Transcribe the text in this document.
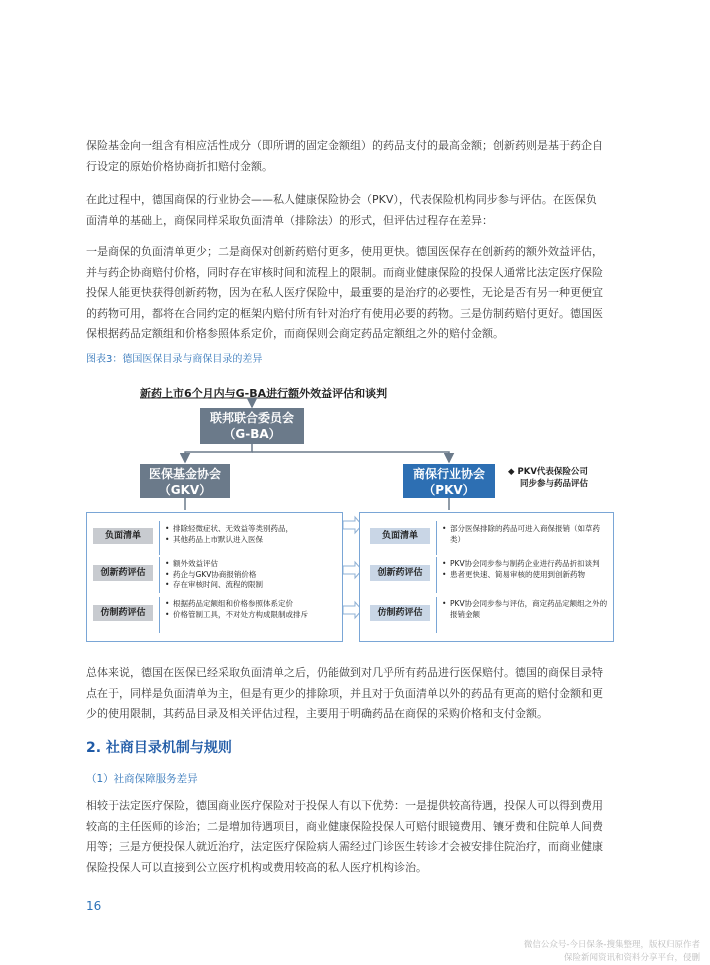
保险基金向一组含有相应活性成分（即所谓的固定金额组）的药品支付的最高金额；创新药则是基于药企自行设定的原始价格协商折扣赔付金额。

在此过程中，德国商保的行业协会——私人健康保险协会（PKV），代表保险机构同步参与评估。在医保负面清单的基础上，商保同样采取负面清单（排除法）的形式，但评估过程存在差异：

一是商保的负面清单更少；二是商保对创新药赔付更多，使用更快。德国医保存在创新药的额外效益评估，并与药企协商赔付价格，同时存在审核时间和流程上的限制。而商业健康保险的投保人通常比法定医疗保险投保人能更快获得创新药物，因为在私人医疗保险中，最重要的是治疗的必要性，无论是否有另一种更便宜的药物可用，都将在合同约定的框架内赔付所有针对治疗有使用必要的药物。三是仿制药赔付更好。德国医保根据药品定额组和价格参照体系定价，而商保则会商定药品定额组之外的赔付金额。

图表3：德国医保目录与商保目录的差异
新药上市6个月内与G-BA进行额外效益评估和谈判
联邦联合委员会
（G-BA）
医保基金协会
（GKV）
商保行业协会
（PKV）
◆ PKV代表保险公司
同步参与药品评估
负面清单
• 排除轻微症状、无效益等类别药品，
• 其他药品上市默认进入医保
创新药评估
• 额外效益评估
• 药企与GKV协商报销价格
• 存在审核时间、流程的限制
仿制药评估
• 根据药品定额组和价格参照体系定价
• 价格管制工具，不对处方构成限制或排斥
负面清单
• 部分医保排除的药品可进入商保报销（如草药类）
创新药评估
• PKV协会同步参与制药企业进行药品折扣谈判
• 患者更快速、简易审核的使用到创新药物
仿制药评估
• PKV协会同步参与评估，商定药品定额组之外的报销金额

总体来说，德国在医保已经采取负面清单之后，仍能做到对几乎所有药品进行医保赔付。德国的商保目录特点在于，同样是负面清单为主，但是有更少的排除项，并且对于负面清单以外的药品有更高的赔付金额和更少的使用限制，其药品目录及相关评估过程，主要用于明确药品在商保的采购价格和支付金额。

2. 社商目录机制与规则
（1）社商保障服务差异

相较于法定医疗保险，德国商业医疗保险对于投保人有以下优势：一是提供较高待遇，投保人可以得到费用较高的主任医师的诊治；二是增加待遇项目，商业健康保险投保人可赔付眼镜费用、镶牙费和住院单人间费用等；三是方便投保人就近治疗，法定医疗保险病人需经过门诊医生转诊才会被安排住院治疗，而商业健康保险投保人可以直接到公立医疗机构或费用较高的私人医疗机构诊治。

16
微信公众号-今日保条-搜集整理，版权归原作者
保险新闻资讯和资料分享平台，侵删
